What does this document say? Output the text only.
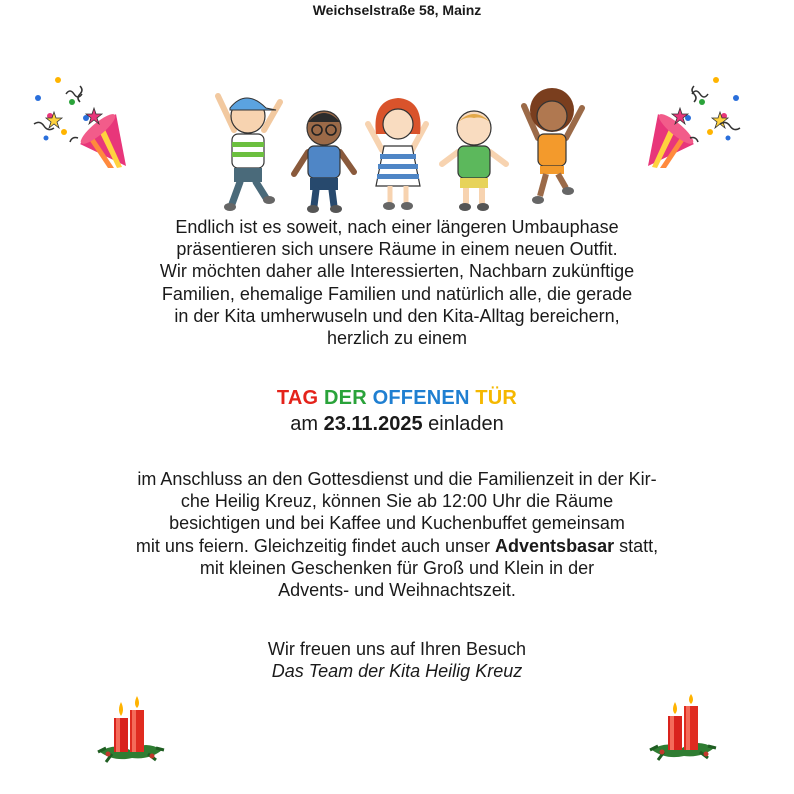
Weichselstraße 58, Mainz
Endlich ist es soweit, nach einer längeren Umbauphase
präsentieren sich unsere Räume in einem neuen Outfit.
Wir möchten daher alle Interessierten, Nachbarn zukünftige
Familien, ehemalige Familien und natürlich alle, die gerade
in der Kita umherwuseln und den Kita-Alltag bereichern,
herzlich zu einem
TAG DER OFFENEN TÜR
am 23.11.2025 einladen
im Anschluss an den Gottesdienst und die Familienzeit in der Kir-
che Heilig Kreuz, können Sie ab 12:00 Uhr die Räume
besichtigen und bei Kaffee und Kuchenbuffet gemeinsam
mit uns feiern. Gleichzeitig findet auch unser Adventsbasar statt,
mit kleinen Geschenken für Groß und Klein in der
Advents- und Weihnachtszeit.
Wir freuen uns auf Ihren Besuch
Das Team der Kita Heilig Kreuz
